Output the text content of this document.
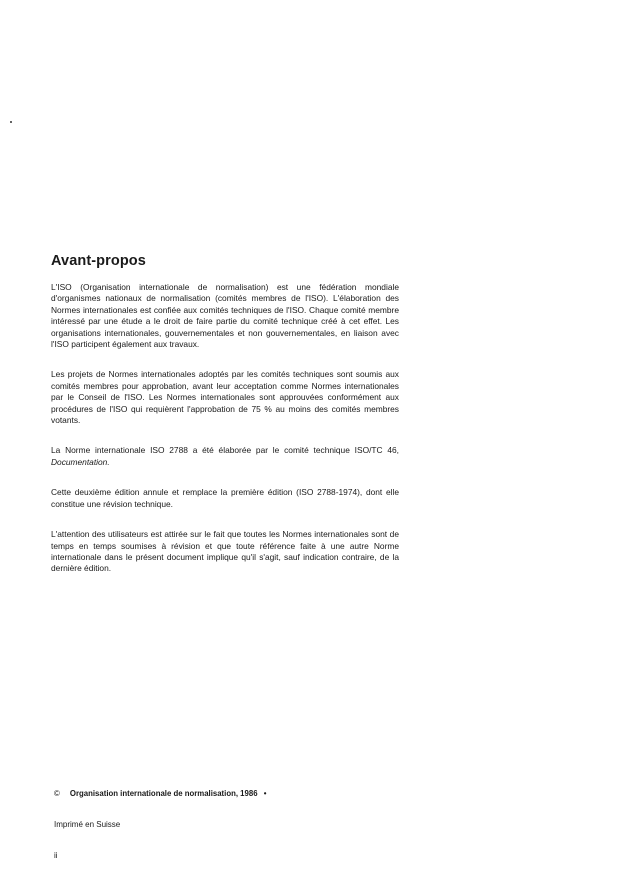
Avant-propos

L'ISO (Organisation internationale de normalisation) est une fédération mondiale d'organismes nationaux de normalisation (comités membres de l'ISO). L'élaboration des Normes internationales est confiée aux comités techniques de l'ISO. Chaque comité membre intéressé par une étude a le droit de faire partie du comité technique créé à cet effet. Les organisations internationales, gouvernementales et non gouvernementales, en liaison avec l'ISO participent également aux travaux.

Les projets de Normes internationales adoptés par les comités techniques sont soumis aux comités membres pour approbation, avant leur acceptation comme Normes internationales par le Conseil de l'ISO. Les Normes internationales sont approuvées conformément aux procédures de l'ISO qui requièrent l'approbation de 75 % au moins des comités membres votants.

La Norme internationale ISO 2788 a été élaborée par le comité technique ISO/TC 46, Documentation.

Cette deuxième édition annule et remplace la première édition (ISO 2788-1974), dont elle constitue une révision technique.

L'attention des utilisateurs est attirée sur le fait que toutes les Normes internationales sont de temps en temps soumises à révision et que toute référence faite à une autre Norme internationale dans le présent document implique qu'il s'agit, sauf indication contraire, de la dernière édition.

© Organisation internationale de normalisation, 1986 •
Imprimé en Suisse
ii
